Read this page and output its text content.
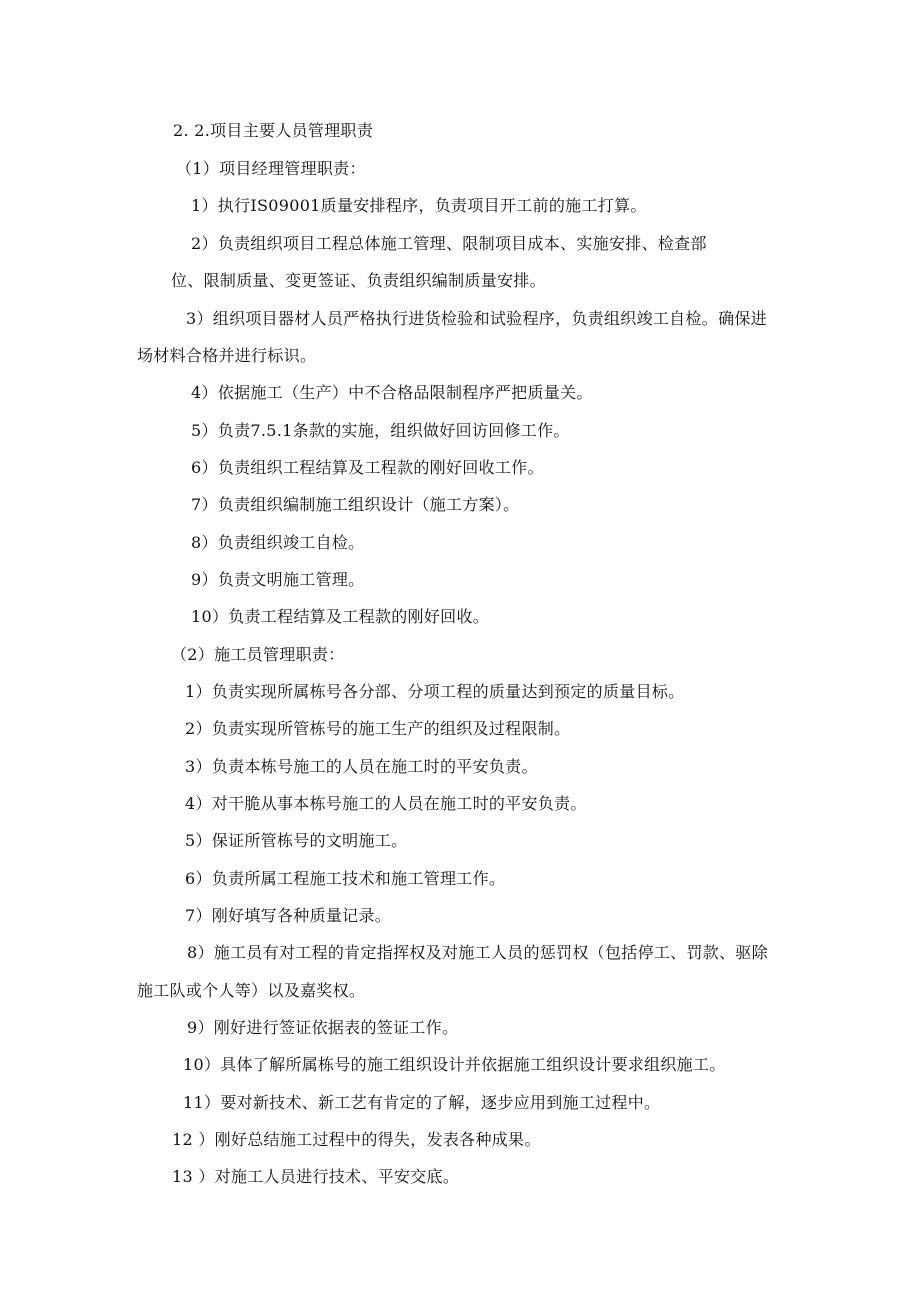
2. 2.项目主要人员管理职责
（1）项目经理管理职责：
1）执行IS09001质量安排程序，负责项目开工前的施工打算。
2）负责组织项目工程总体施工管理、限制项目成本、实施安排、检查部
位、限制质量、变更签证、负责组织编制质量安排。
3）组织项目器材人员严格执行进货检验和试验程序，负责组织竣工自检。确保进
场材料合格并进行标识。
4）依据施工（生产）中不合格品限制程序严把质量关。
5）负责7.5.1条款的实施，组织做好回访回修工作。
6）负责组织工程结算及工程款的刚好回收工作。
7）负责组织编制施工组织设计（施工方案）。
8）负责组织竣工自检。
9）负责文明施工管理。
10）负责工程结算及工程款的刚好回收。
（2）施工员管理职责：
1）负责实现所属栋号各分部、分项工程的质量达到预定的质量目标。
2）负责实现所管栋号的施工生产的组织及过程限制。
3）负责本栋号施工的人员在施工时的平安负责。
4）对干脆从事本栋号施工的人员在施工时的平安负责。
5）保证所管栋号的文明施工。
6）负责所属工程施工技术和施工管理工作。
7）刚好填写各种质量记录。
8）施工员有对工程的肯定指挥权及对施工人员的惩罚权（包括停工、罚款、驱除
施工队或个人等）以及嘉奖权。
9）刚好进行签证依据表的签证工作。
10）具体了解所属栋号的施工组织设计并依据施工组织设计要求组织施工。
11）要对新技术、新工艺有肯定的了解，逐步应用到施工过程中。
12 ）刚好总结施工过程中的得失，发表各种成果。
13 ）对施工人员进行技术、平安交底。
